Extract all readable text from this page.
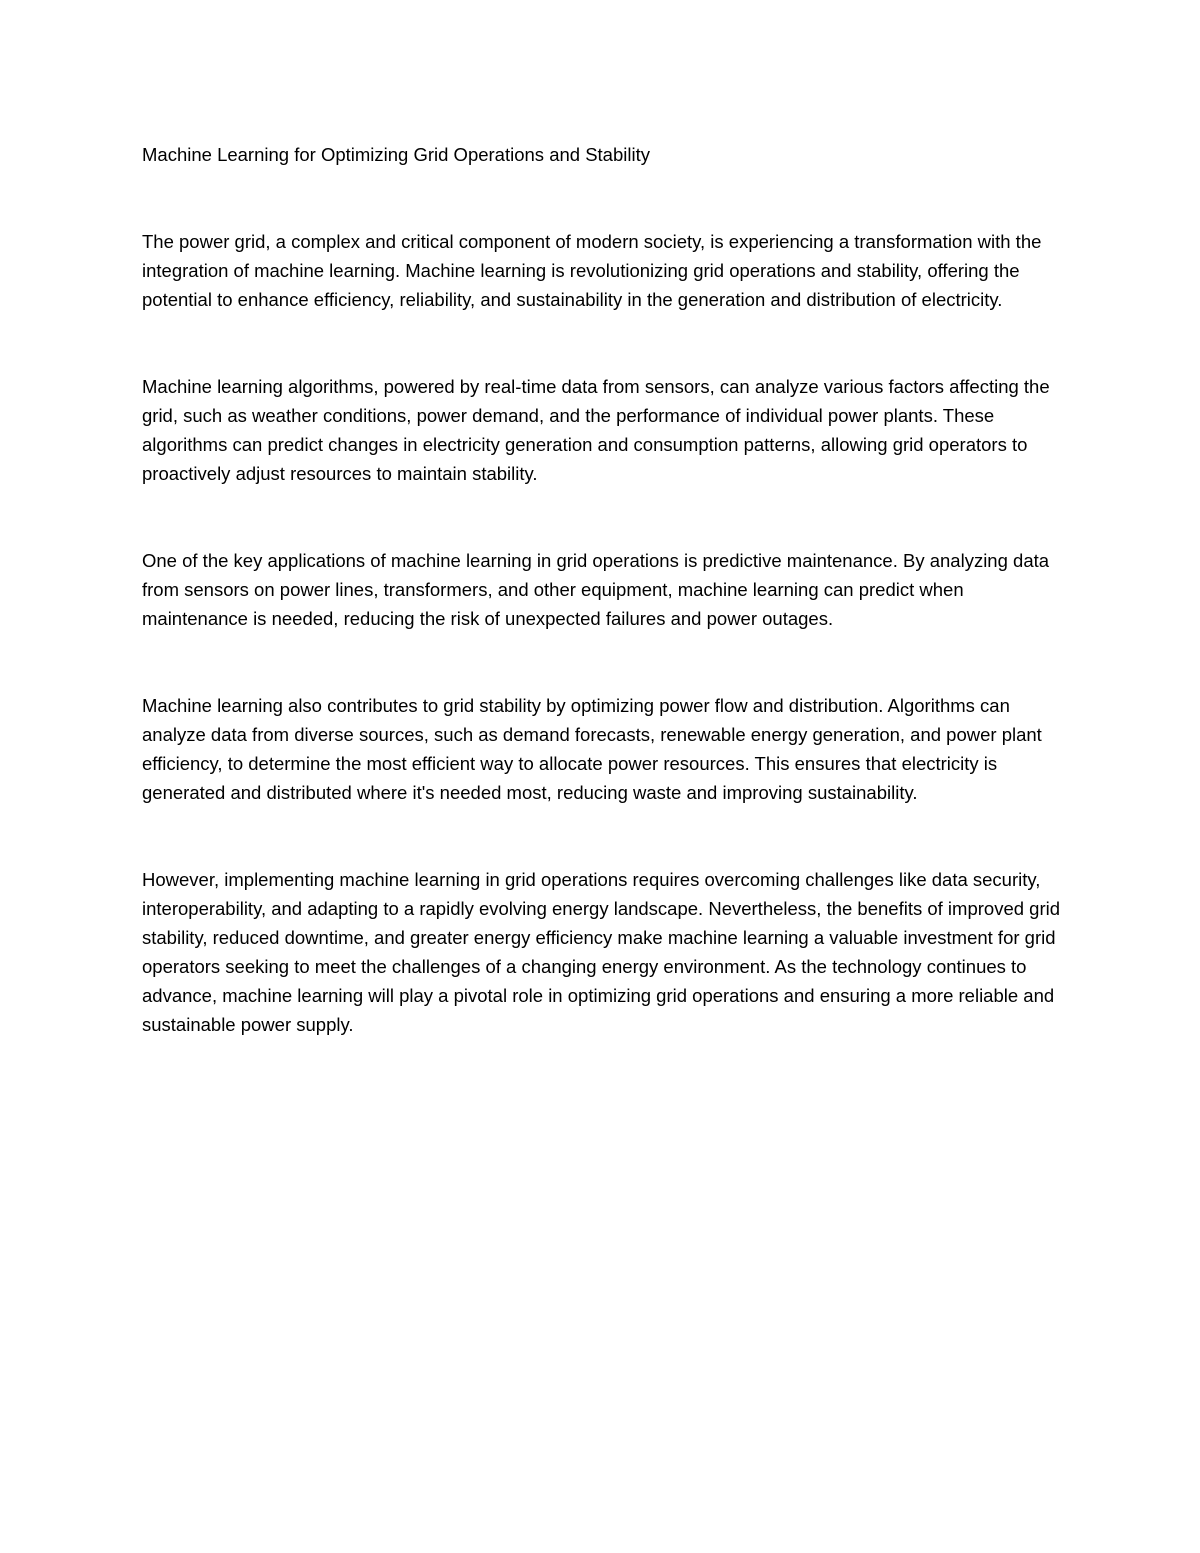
Machine Learning for Optimizing Grid Operations and Stability

The power grid, a complex and critical component of modern society, is experiencing a transformation with the integration of machine learning. Machine learning is revolutionizing grid operations and stability, offering the potential to enhance efficiency, reliability, and sustainability in the generation and distribution of electricity.

Machine learning algorithms, powered by real-time data from sensors, can analyze various factors affecting the grid, such as weather conditions, power demand, and the performance of individual power plants. These algorithms can predict changes in electricity generation and consumption patterns, allowing grid operators to proactively adjust resources to maintain stability.

One of the key applications of machine learning in grid operations is predictive maintenance. By analyzing data from sensors on power lines, transformers, and other equipment, machine learning can predict when maintenance is needed, reducing the risk of unexpected failures and power outages.

Machine learning also contributes to grid stability by optimizing power flow and distribution. Algorithms can analyze data from diverse sources, such as demand forecasts, renewable energy generation, and power plant efficiency, to determine the most efficient way to allocate power resources. This ensures that electricity is generated and distributed where it's needed most, reducing waste and improving sustainability.

However, implementing machine learning in grid operations requires overcoming challenges like data security, interoperability, and adapting to a rapidly evolving energy landscape. Nevertheless, the benefits of improved grid stability, reduced downtime, and greater energy efficiency make machine learning a valuable investment for grid operators seeking to meet the challenges of a changing energy environment. As the technology continues to advance, machine learning will play a pivotal role in optimizing grid operations and ensuring a more reliable and sustainable power supply.
